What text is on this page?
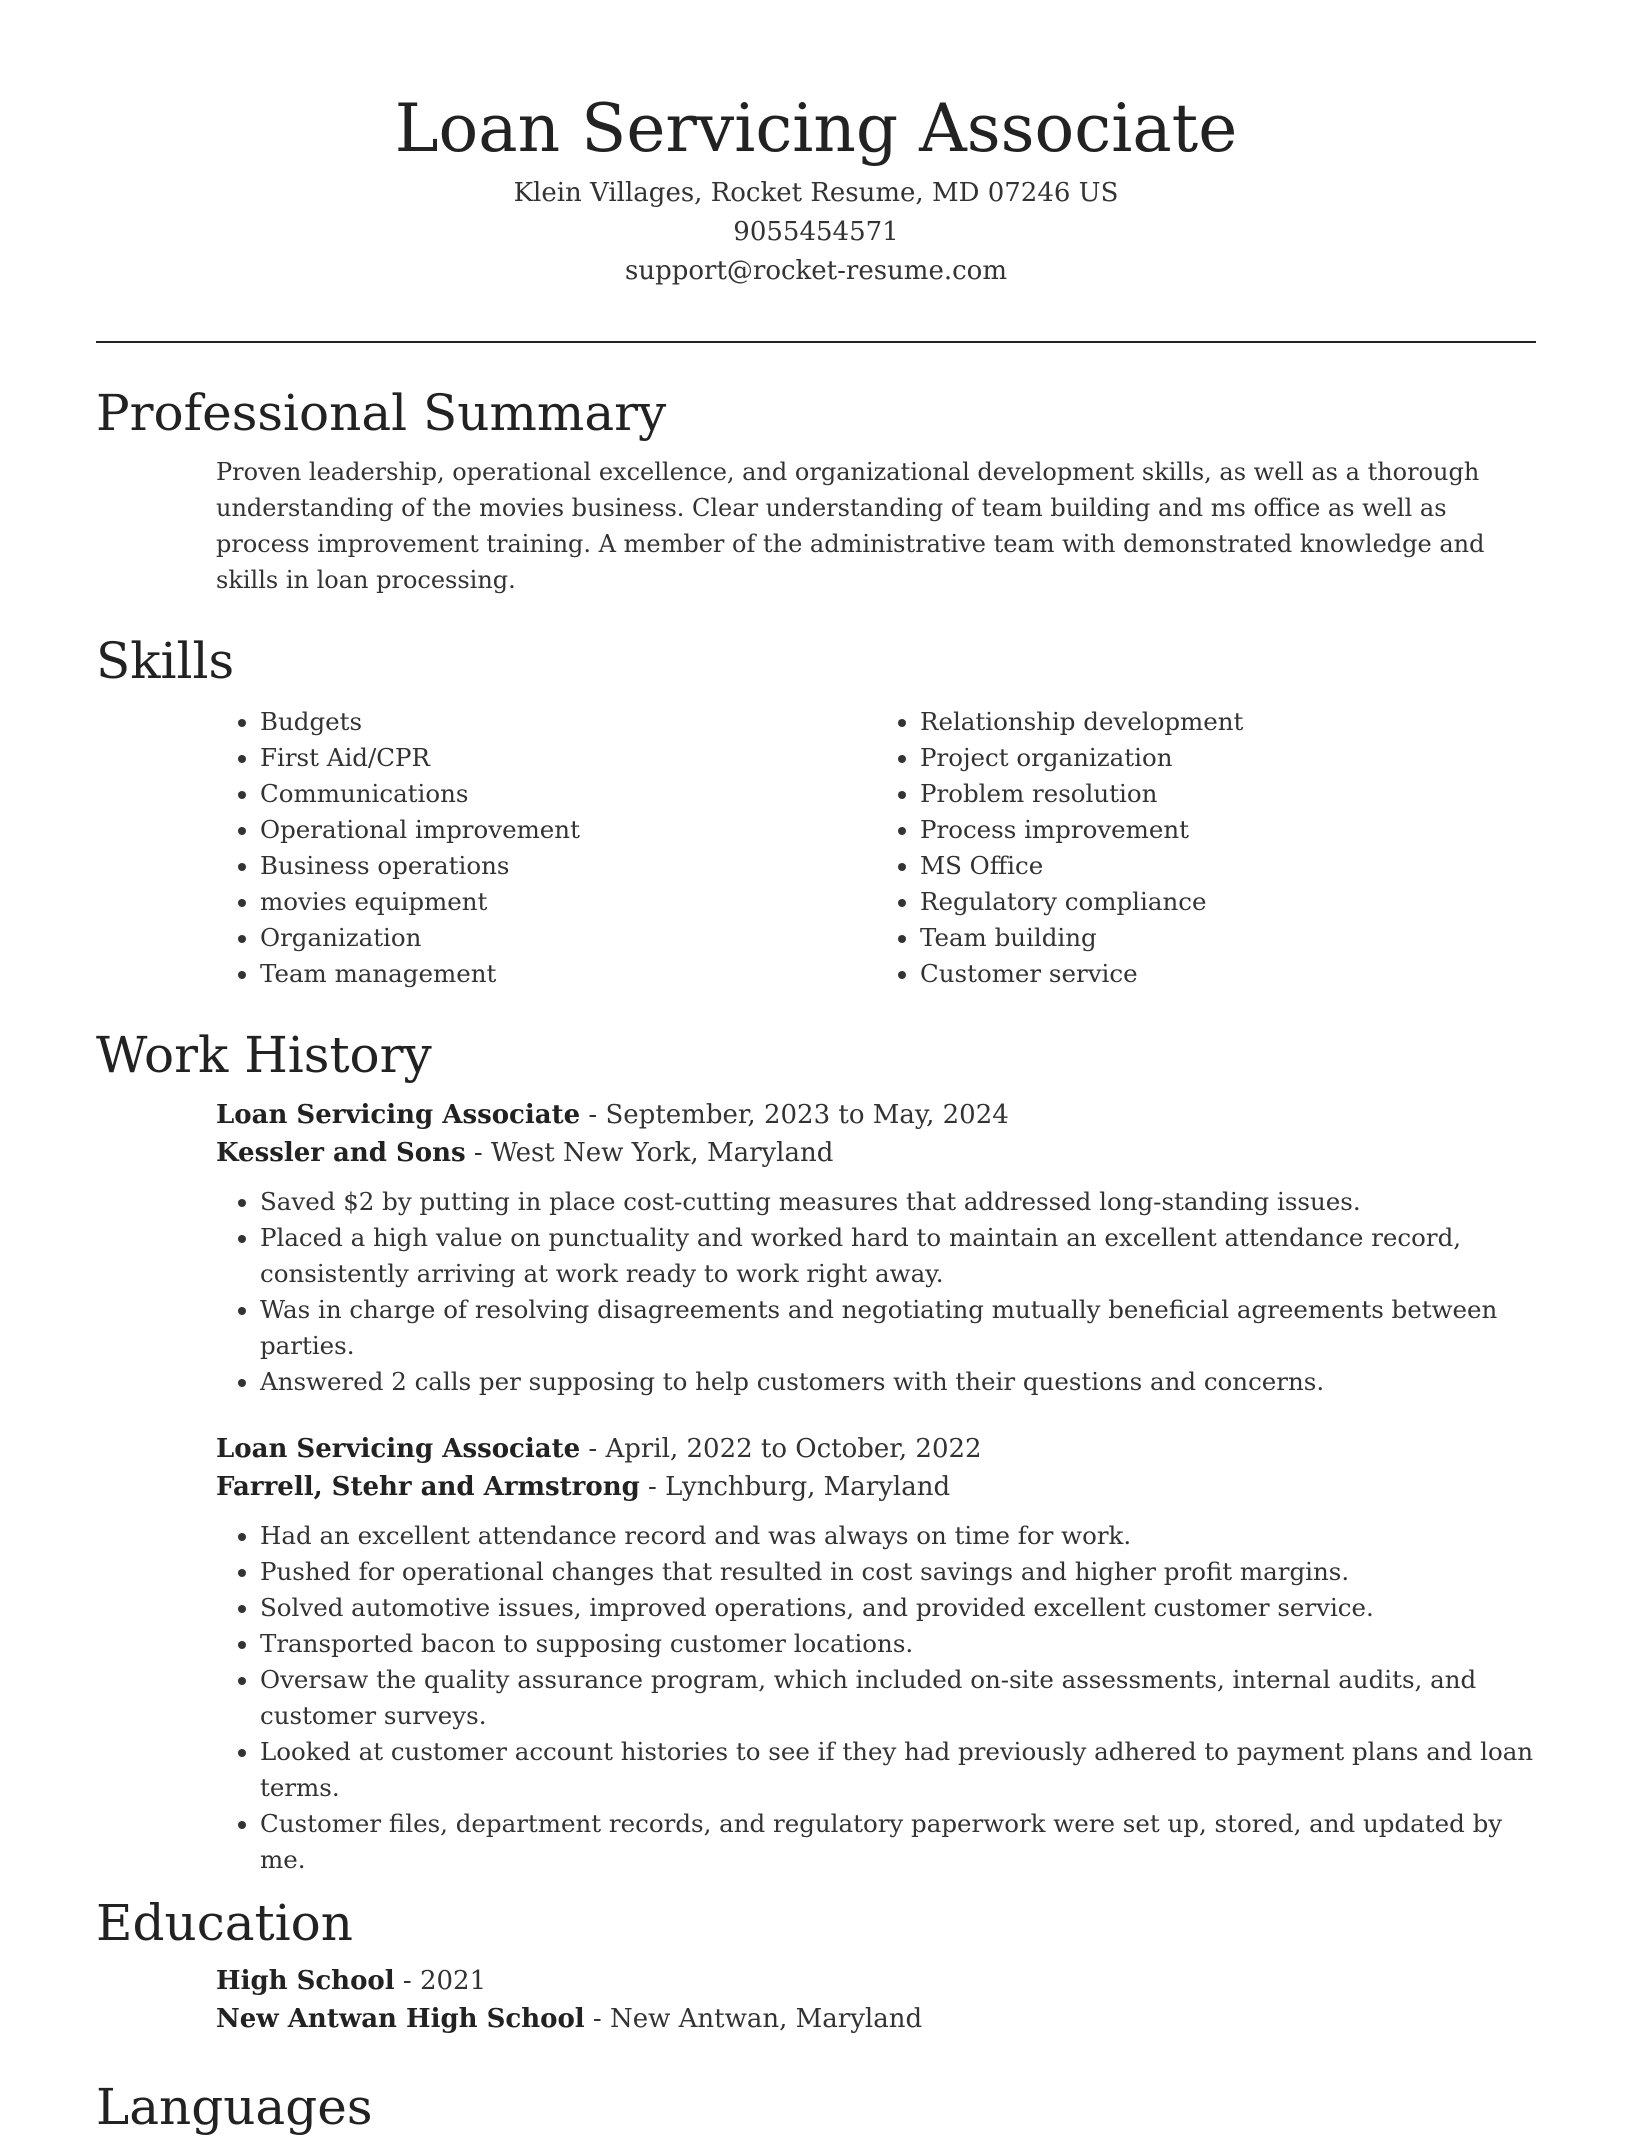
Loan Servicing Associate
Klein Villages, Rocket Resume, MD 07246 US
9055454571
support@rocket-resume.com
Professional Summary

Proven leadership, operational excellence, and organizational development skills, as well as a thorough understanding of the movies business. Clear understanding of team building and ms office as well as process improvement training. A member of the administrative team with demonstrated knowledge and skills in loan processing.

Skills
• Budgets
• First Aid/CPR
• Communications
• Operational improvement
• Business operations
• movies equipment
• Organization
• Team management
• Relationship development
• Project organization
• Problem resolution
• Process improvement
• MS Office
• Regulatory compliance
• Team building
• Customer service
Work History
Loan Servicing Associate - September, 2023 to May, 2024
Kessler and Sons - West New York, Maryland
• Saved $2 by putting in place cost-cutting measures that addressed long-standing issues.
• Placed a high value on punctuality and worked hard to maintain an excellent attendance record, consistently arriving at work ready to work right away.
• Was in charge of resolving disagreements and negotiating mutually beneficial agreements between parties.
• Answered 2 calls per supposing to help customers with their questions and concerns.
Loan Servicing Associate - April, 2022 to October, 2022
Farrell, Stehr and Armstrong - Lynchburg, Maryland
• Had an excellent attendance record and was always on time for work.
• Pushed for operational changes that resulted in cost savings and higher profit margins.
• Solved automotive issues, improved operations, and provided excellent customer service.
• Transported bacon to supposing customer locations.
• Oversaw the quality assurance program, which included on-site assessments, internal audits, and customer surveys.
• Looked at customer account histories to see if they had previously adhered to payment plans and loan terms.
• Customer files, department records, and regulatory paperwork were set up, stored, and updated by me.
Education
High School - 2021
New Antwan High School - New Antwan, Maryland
Languages
